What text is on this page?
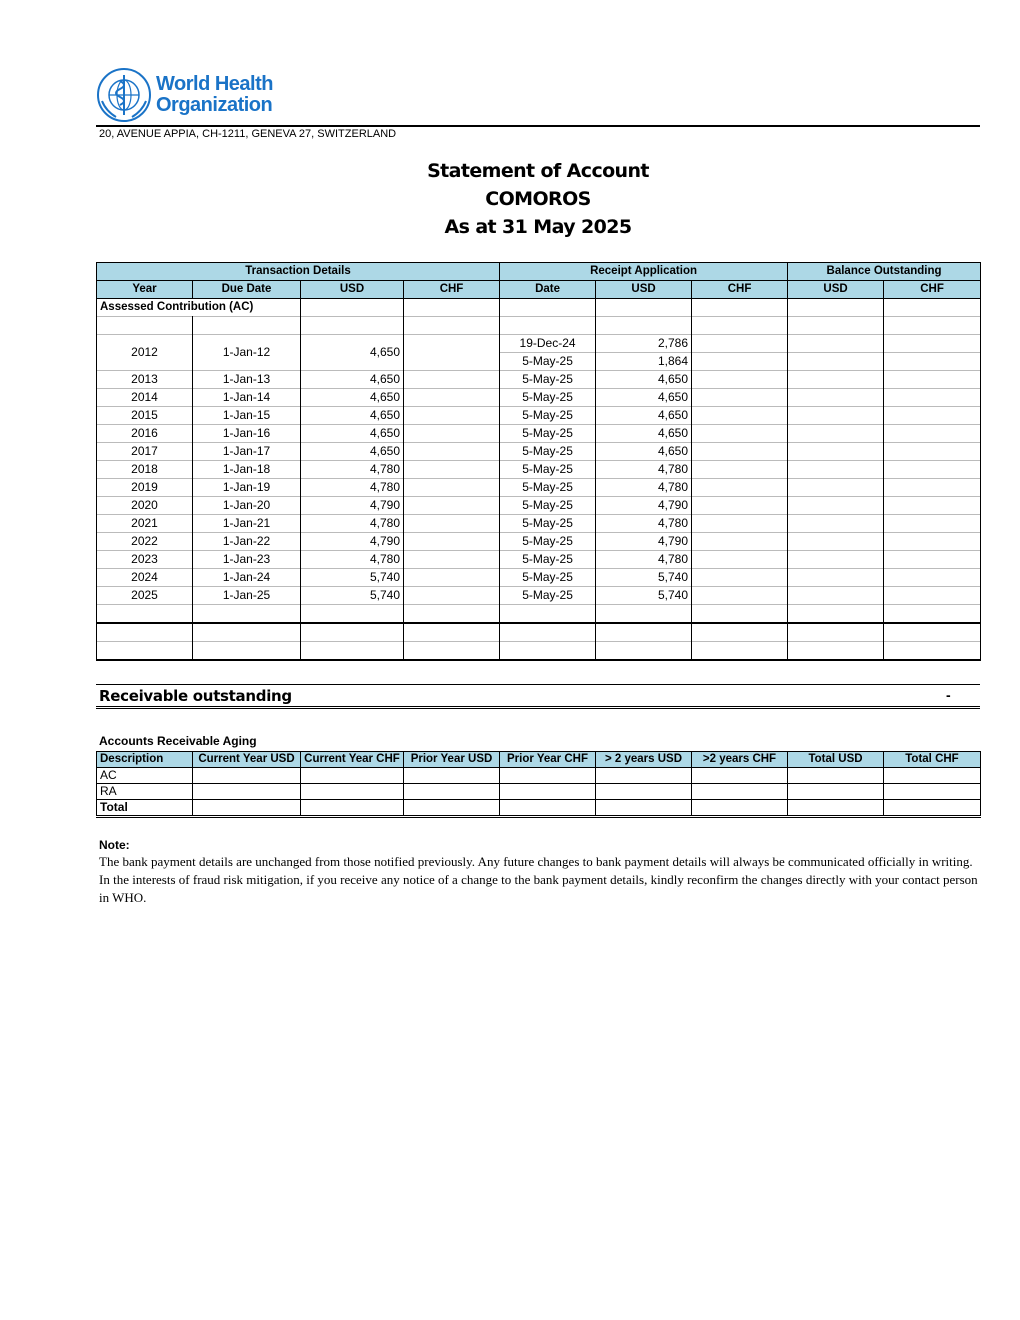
World Health
Organization
20, AVENUE APPIA, CH-1211, GENEVA 27, SWITZERLAND
Statement of Account
COMOROS
As at 31 May 2025
Transaction Details				Receipt Application			Balance Outstanding	
Year	Due Date	USD	CHF	Date	USD	CHF	USD	CHF
Assessed Contribution (AC)								

2012	1-Jan-12	4,650		19-Dec-24	2,786			
				5-May-25	1,864			
2013	1-Jan-13	4,650		5-May-25	4,650			
2014	1-Jan-14	4,650		5-May-25	4,650			
2015	1-Jan-15	4,650		5-May-25	4,650			
2016	1-Jan-16	4,650		5-May-25	4,650			
2017	1-Jan-17	4,650		5-May-25	4,650			
2018	1-Jan-18	4,780		5-May-25	4,780			
2019	1-Jan-19	4,780		5-May-25	4,780			
2020	1-Jan-20	4,790		5-May-25	4,790			
2021	1-Jan-21	4,780		5-May-25	4,780			
2022	1-Jan-22	4,790		5-May-25	4,790			
2023	1-Jan-23	4,780		5-May-25	4,780			
2024	1-Jan-24	5,740		5-May-25	5,740			
2025	1-Jan-25	5,740		5-May-25	5,740			

Receivable outstanding	-
Accounts Receivable Aging
Description	Current Year USD	Current Year CHF	Prior Year USD	Prior Year CHF	> 2 years USD	>2 years CHF	Total USD	Total CHF
AC								
RA								
Total								
Note:
The bank payment details are unchanged from those notified previously. Any future changes to bank payment details will always be communicated officially in writing. In the interests of fraud risk mitigation, if you receive any notice of a change to the bank payment details, kindly reconfirm the changes directly with your contact person in WHO.
